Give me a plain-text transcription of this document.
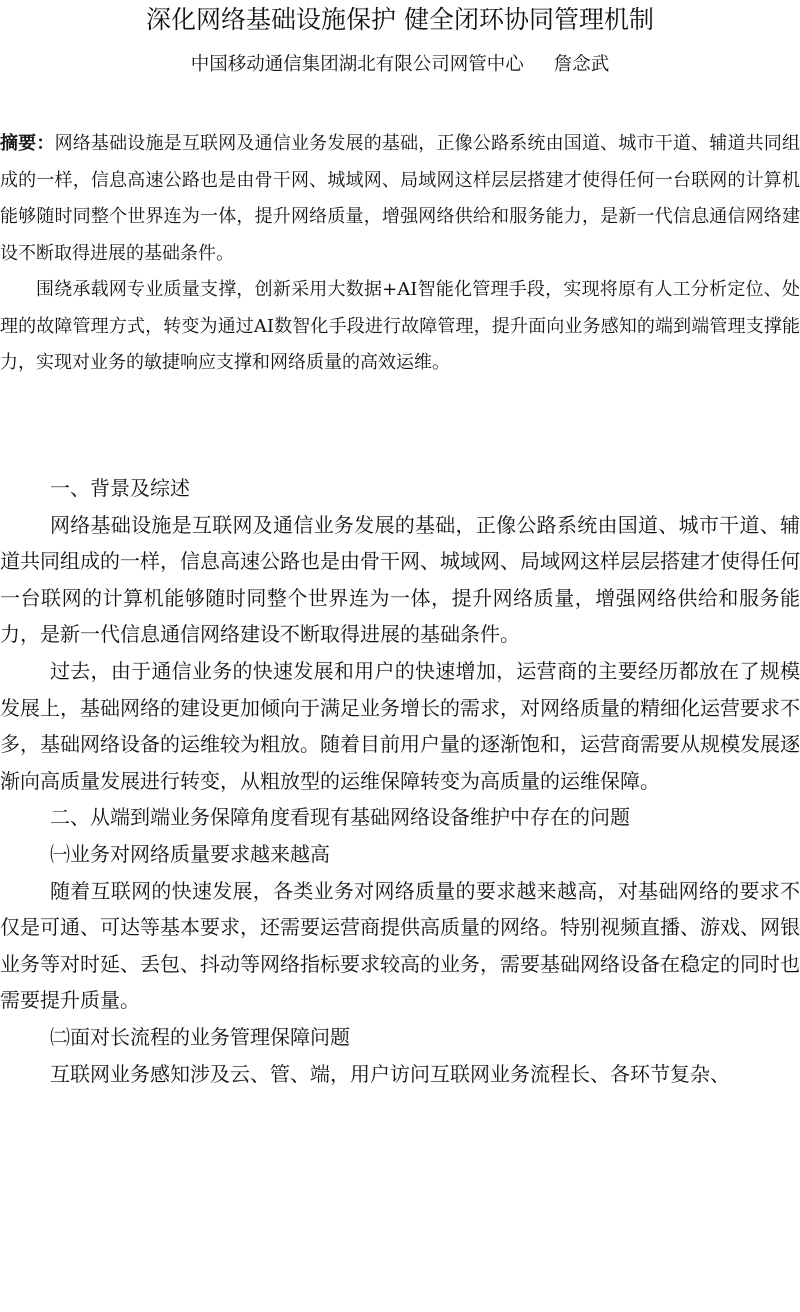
深化网络基础设施保护 健全闭环协同管理机制
中国移动通信集团湖北有限公司网管中心 詹念武

摘要：网络基础设施是互联网及通信业务发展的基础，正像公路系统由国道、城市干道、辅道共同组成的一样，信息高速公路也是由骨干网、城域网、局域网这样层层搭建才使得任何一台联网的计算机能够随时同整个世界连为一体，提升网络质量，增强网络供给和服务能力，是新一代信息通信网络建设不断取得进展的基础条件。

围绕承载网专业质量支撑，创新采用大数据+AI智能化管理手段，实现将原有人工分析定位、处理的故障管理方式，转变为通过AI数智化手段进行故障管理，提升面向业务感知的端到端管理支撑能力，实现对业务的敏捷响应支撑和网络质量的高效运维。

一、背景及综述

网络基础设施是互联网及通信业务发展的基础，正像公路系统由国道、城市干道、辅道共同组成的一样，信息高速公路也是由骨干网、城域网、局域网这样层层搭建才使得任何一台联网的计算机能够随时同整个世界连为一体，提升网络质量，增强网络供给和服务能力，是新一代信息通信网络建设不断取得进展的基础条件。

过去，由于通信业务的快速发展和用户的快速增加，运营商的主要经历都放在了规模发展上，基础网络的建设更加倾向于满足业务增长的需求，对网络质量的精细化运营要求不多，基础网络设备的运维较为粗放。随着目前用户量的逐渐饱和，运营商需要从规模发展逐渐向高质量发展进行转变，从粗放型的运维保障转变为高质量的运维保障。

二、从端到端业务保障角度看现有基础网络设备维护中存在的问题

㈠业务对网络质量要求越来越高

随着互联网的快速发展，各类业务对网络质量的要求越来越高，对基础网络的要求不仅是可通、可达等基本要求，还需要运营商提供高质量的网络。特别视频直播、游戏、网银业务等对时延、丢包、抖动等网络指标要求较高的业务，需要基础网络设备在稳定的同时也需要提升质量。

㈡面对长流程的业务管理保障问题

互联网业务感知涉及云、管、端，用户访问互联网业务流程长、各环节复杂、
